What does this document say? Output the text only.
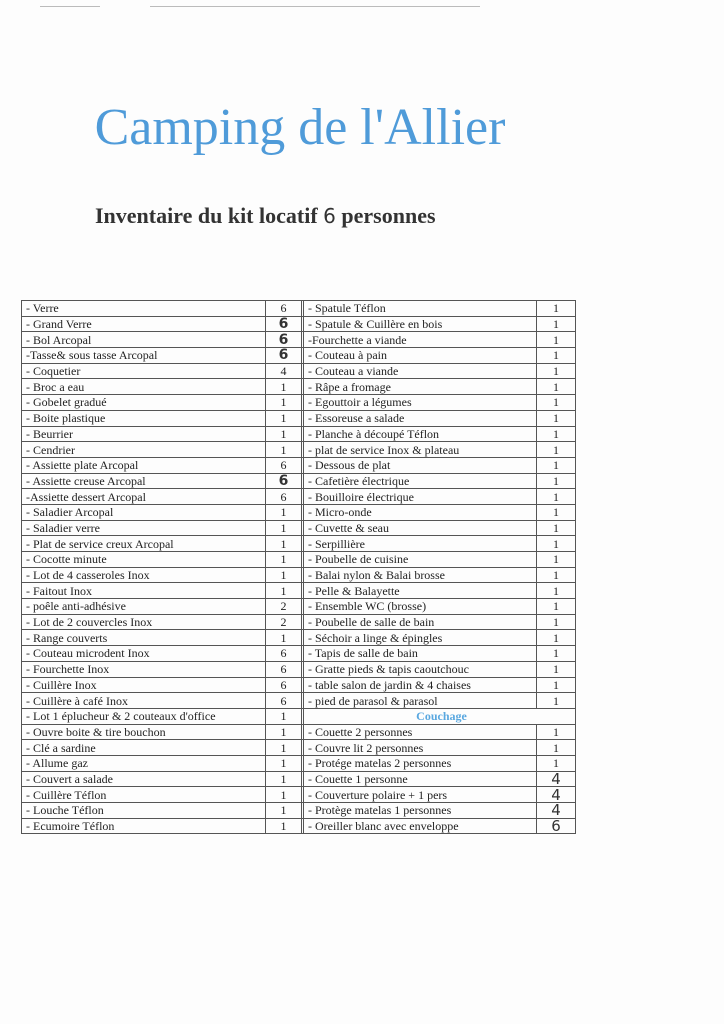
Camping de l'Allier
Inventaire du kit locatif 6 personnes
- Verre	6		- Spatule Téflon	1
- Grand Verre	6		- Spatule & Cuillère en bois	1
- Bol Arcopal	6		-Fourchette a viande	1
-Tasse& sous tasse Arcopal	6		- Couteau à pain	1
- Coquetier	4		- Couteau a viande	1
- Broc a eau	1		- Râpe a fromage	1
- Gobelet gradué	1		- Egouttoir a légumes	1
- Boite plastique	1		- Essoreuse a salade	1
- Beurrier	1		- Planche à découpé Téflon	1
- Cendrier	1		- plat de service Inox & plateau	1
- Assiette plate Arcopal	6		- Dessous de plat	1
- Assiette creuse Arcopal	6		- Cafetière électrique	1
-Assiette dessert Arcopal	6		- Bouilloire électrique	1
- Saladier Arcopal	1		- Micro-onde	1
- Saladier verre	1		- Cuvette & seau	1
- Plat de service creux Arcopal	1		- Serpillière	1
- Cocotte minute	1		- Poubelle de cuisine	1
- Lot de 4 casseroles Inox	1		- Balai nylon & Balai brosse	1
- Faitout Inox	1		- Pelle & Balayette	1
- poêle anti-adhésive	2		- Ensemble WC (brosse)	1
- Lot de 2 couvercles Inox	2		- Poubelle de salle de bain	1
- Range couverts	1		- Séchoir a linge & épingles	1
- Couteau microdent Inox	6		- Tapis de salle de bain	1
- Fourchette Inox	6		- Gratte pieds & tapis caoutchouc	1
- Cuillère Inox	6		- table salon de jardin & 4 chaises	1
- Cuillère à café Inox	6		- pied de parasol & parasol	1
- Lot 1 éplucheur & 2 couteaux d'office	1		Couchage	
- Ouvre boite & tire bouchon	1		- Couette 2 personnes	1
- Clé a sardine	1		- Couvre lit 2 personnes	1
- Allume gaz	1		- Protége matelas 2 personnes	1
- Couvert a salade	1		- Couette 1 personne	4
- Cuillère Téflon	1		- Couverture polaire + 1 pers	4
- Louche Téflon	1		- Protège matelas 1 personnes	4
- Ecumoire Téflon	1		- Oreiller blanc avec enveloppe	6
